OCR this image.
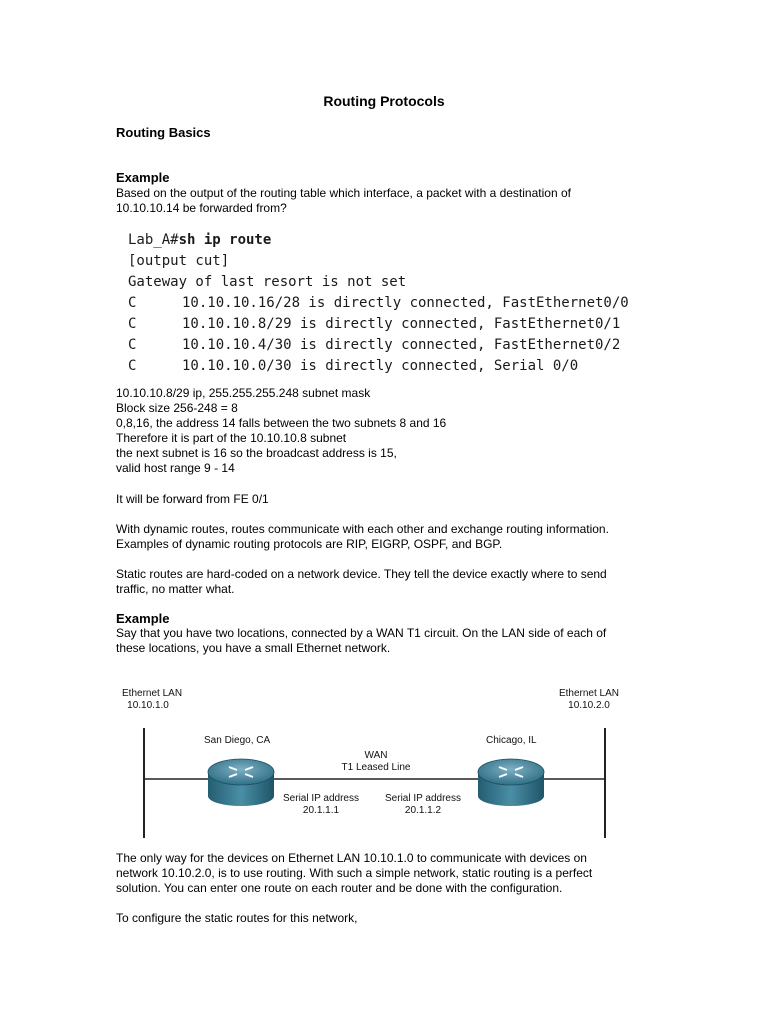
Routing Protocols
Routing Basics
Example

Based on the output of the routing table which interface, a packet with a destination of
10.10.10.14 be forwarded from?

Lab_A#sh ip route
[output cut]
Gateway of last resort is not set
C	10.10.10.16/28 is directly connected, FastEthernet0/0
C	10.10.10.8/29 is directly connected, FastEthernet0/1
C	10.10.10.4/30 is directly connected, FastEthernet0/2
C	10.10.10.0/30 is directly connected, Serial 0/0

10.10.10.8/29 ip, 255.255.255.248 subnet mask
Block size 256-248 = 8
0,8,16, the address 14 falls between the two subnets 8 and 16
Therefore it is part of the 10.10.10.8 subnet
the next subnet is 16 so the broadcast address is 15,
valid host range 9 - 14

It will be forward from FE 0/1

With dynamic routes, routes communicate with each other and exchange routing information.
Examples of dynamic routing protocols are RIP, EIGRP, OSPF, and BGP.

Static routes are hard-coded on a network device. They tell the device exactly where to send
traffic, no matter what.

Example

Say that you have two locations, connected by a WAN T1 circuit. On the LAN side of each of
these locations, you have a small Ethernet network.

Ethernet LAN
10.10.1.0
Ethernet LAN
10.10.2.0
San Diego, CA	Chicago, IL
WAN
T1 Leased Line
Serial IP address
20.1.1.1
Serial IP address
20.1.1.2

The only way for the devices on Ethernet LAN 10.10.1.0 to communicate with devices on
network 10.10.2.0, is to use routing. With such a simple network, static routing is a perfect
solution. You can enter one route on each router and be done with the configuration.

To configure the static routes for this network,
